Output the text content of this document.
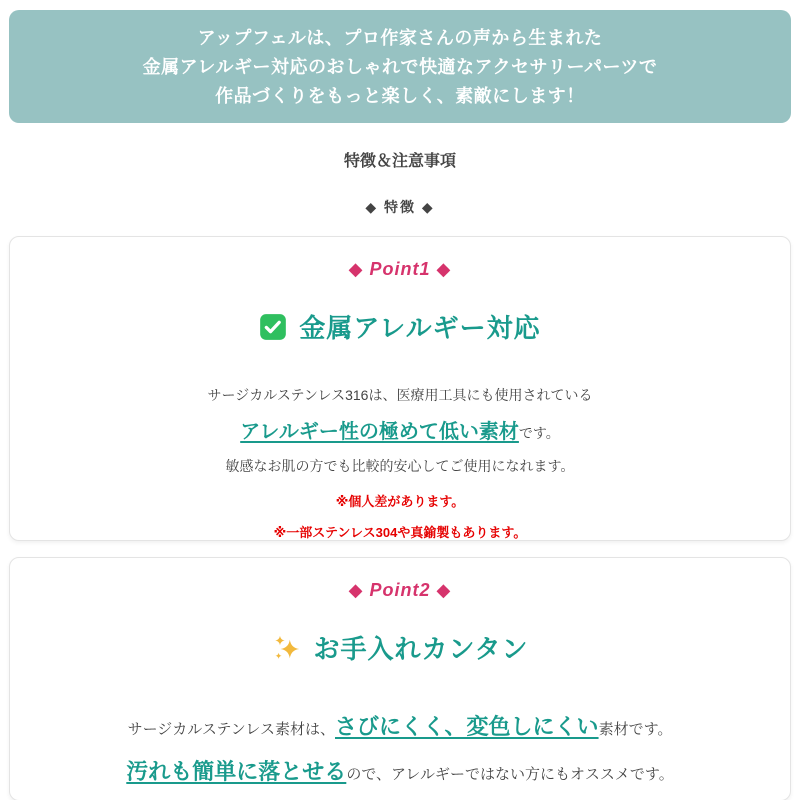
アップフェルは、プロ作家さんの声から生まれた
金属アレルギー対応のおしゃれで快適なアクセサリーパーツで
作品づくりをもっと楽しく、素敵にします！
特徴＆注意事項
◆ 特徴 ◆
◆ Point1 ◆
金属アレルギー対応
サージカルステンレス316は、医療用工具にも使用されている
アレルギー性の極めて低い素材です。
敏感なお肌の方でも比較的安心してご使用になれます。
※個人差があります。
※一部ステンレス304や真鍮製もあります。
◆ Point2 ◆
お手入れカンタン
サージカルステンレス素材は、さびにくく、変色しにくい素材です。
汚れも簡単に落とせるので、アレルギーではない方にもオススメです。
